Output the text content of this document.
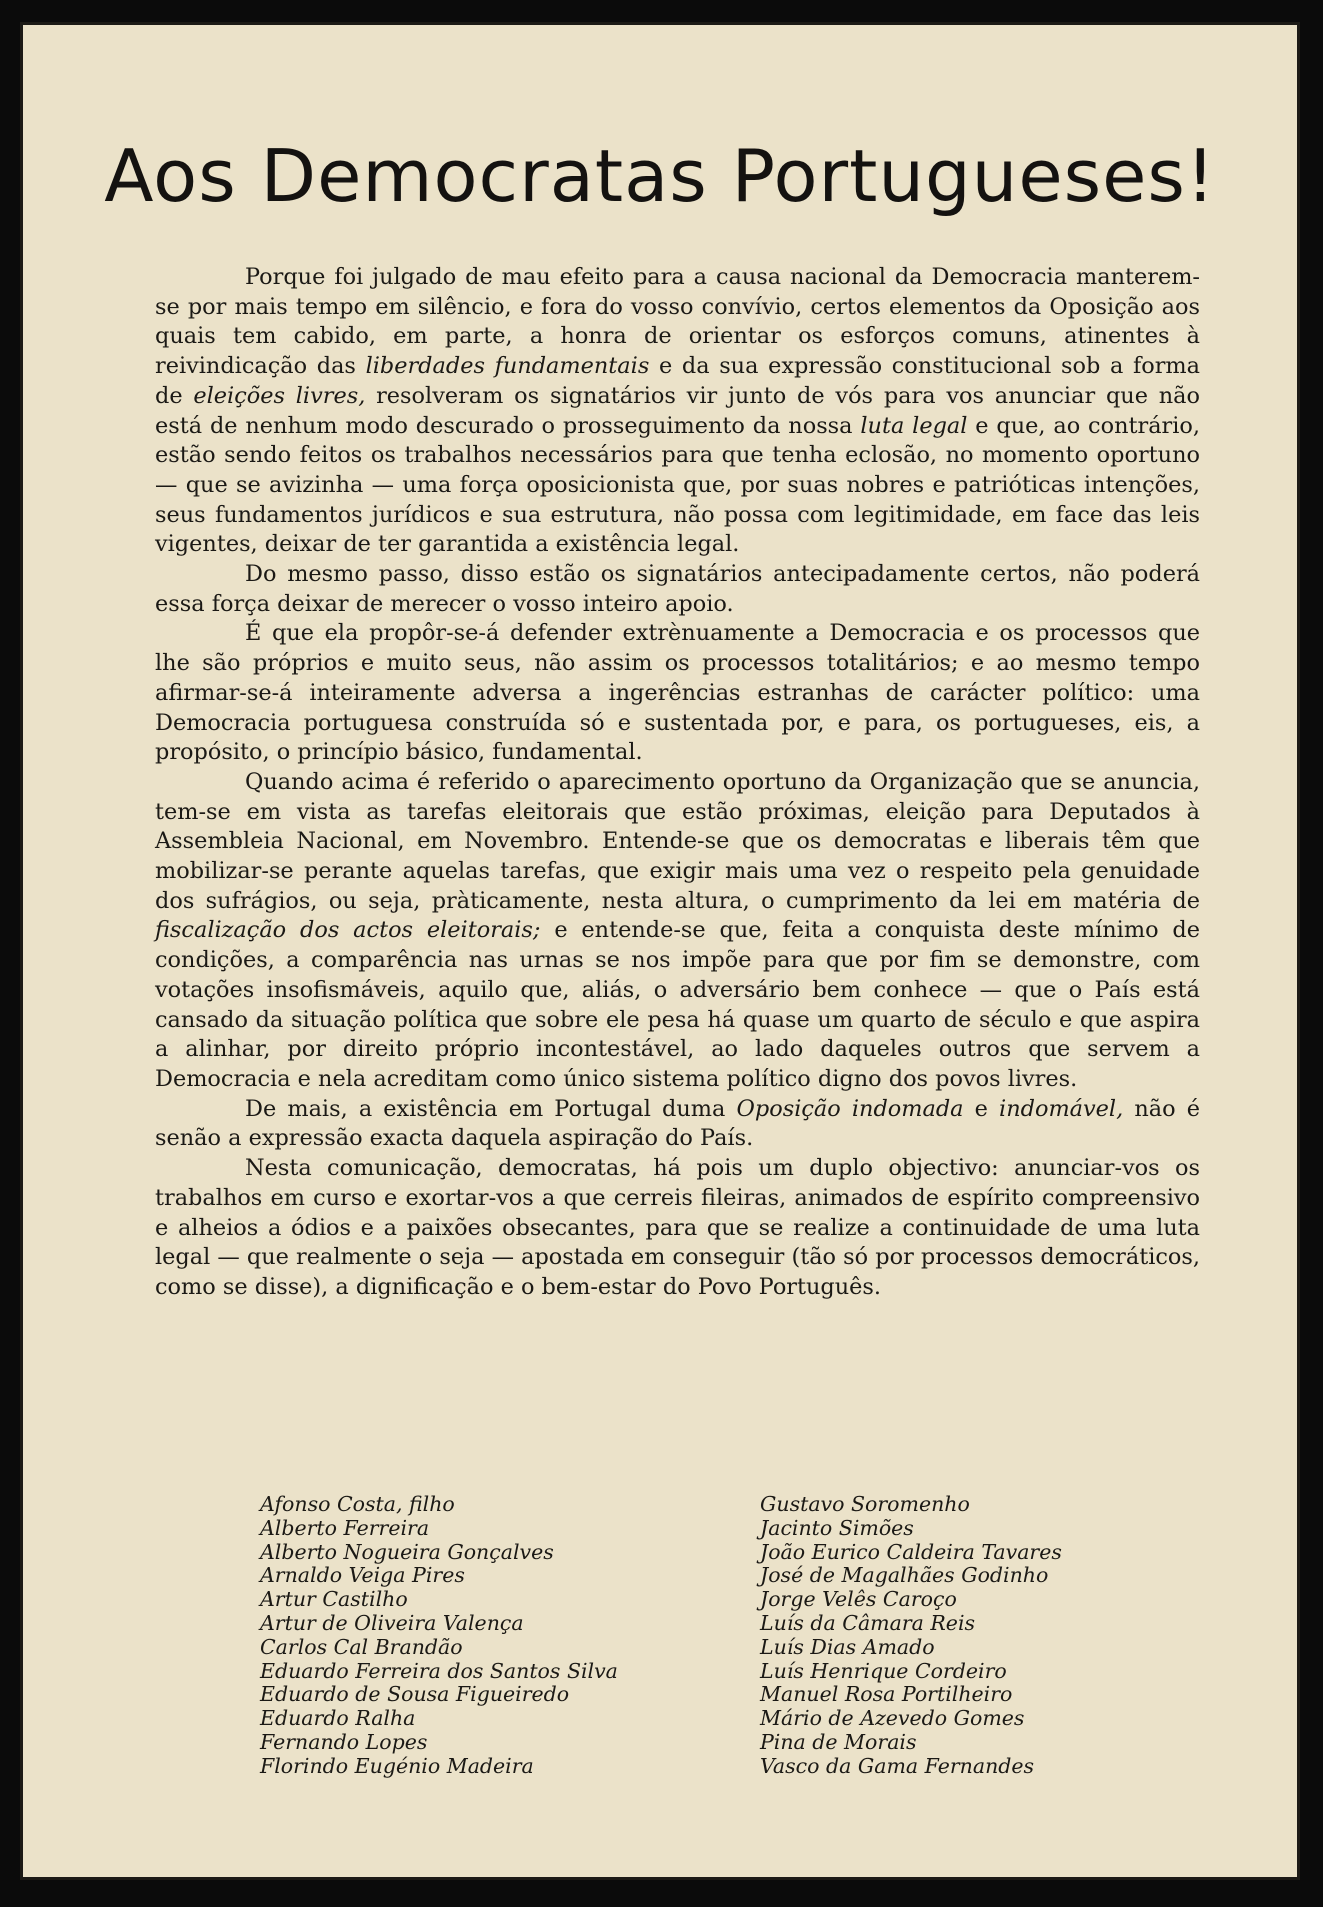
Aos Democratas Portugueses!

Porque foi julgado de mau efeito para a causa nacional da Democracia manterem-se por mais tempo em silêncio, e fora do vosso convívio, certos elementos da Oposição aos quais tem cabido, em parte, a honra de orientar os esforços comuns, atinentes à reivindicação das liberdades fundamentais e da sua expressão constitucional sob a forma de eleições livres, resolveram os signatários vir junto de vós para vos anunciar que não está de nenhum modo descurado o prosseguimento da nossa luta legal e que, ao contrário, estão sendo feitos os trabalhos necessários para que tenha eclosão, no momento oportuno — que se avizinha — uma força oposicionista que, por suas nobres e patrióticas intenções, seus fundamentos jurídicos e sua estrutura, não possa com legitimidade, em face das leis vigentes, deixar de ter garantida a existência legal.

Do mesmo passo, disso estão os signatários antecipadamente certos, não poderá essa força deixar de merecer o vosso inteiro apoio.

É que ela propôr-se-á defender extrènuamente a Democracia e os processos que lhe são próprios e muito seus, não assim os processos totalitários; e ao mesmo tempo afirmar-se-á inteiramente adversa a ingerências estranhas de carácter político: uma Democracia portuguesa construída só e sustentada por, e para, os portugueses, eis, a propósito, o princípio básico, fundamental.

Quando acima é referido o aparecimento oportuno da Organização que se anuncia, tem-se em vista as tarefas eleitorais que estão próximas, eleição para Deputados à Assembleia Nacional, em Novembro. Entende-se que os democratas e liberais têm que mobilizar-se perante aquelas tarefas, que exigir mais uma vez o respeito pela genuidade dos sufrágios, ou seja, pràticamente, nesta altura, o cumprimento da lei em matéria de fiscalização dos actos eleitorais; e entende-se que, feita a conquista deste mínimo de condições, a comparência nas urnas se nos impõe para que por fim se demonstre, com votações insofismáveis, aquilo que, aliás, o adversário bem conhece — que o País está cansado da situação política que sobre ele pesa há quase um quarto de século e que aspira a alinhar, por direito próprio incontestável, ao lado daqueles outros que servem a Democracia e nela acreditam como único sistema político digno dos povos livres.

De mais, a existência em Portugal duma Oposição indomada e indomável, não é senão a expressão exacta daquela aspiração do País.

Nesta comunicação, democratas, há pois um duplo objectivo: anunciar-vos os trabalhos em curso e exortar-vos a que cerreis fileiras, animados de espírito compreensivo e alheios a ódios e a paixões obsecantes, para que se realize a continuidade de uma luta legal — que realmente o seja — apostada em conseguir (tão só por processos democráticos, como se disse), a dignificação e o bem-estar do Povo Português.

Afonso Costa, filho
Alberto Ferreira
Alberto Nogueira Gonçalves
Arnaldo Veiga Pires
Artur Castilho
Artur de Oliveira Valença
Carlos Cal Brandão
Eduardo Ferreira dos Santos Silva
Eduardo de Sousa Figueiredo
Eduardo Ralha
Fernando Lopes
Florindo Eugénio Madeira
Gustavo Soromenho
Jacinto Simões
João Eurico Caldeira Tavares
José de Magalhães Godinho
Jorge Velês Caroço
Luís da Câmara Reis
Luís Dias Amado
Luís Henrique Cordeiro
Manuel Rosa Portilheiro
Mário de Azevedo Gomes
Pina de Morais
Vasco da Gama Fernandes
